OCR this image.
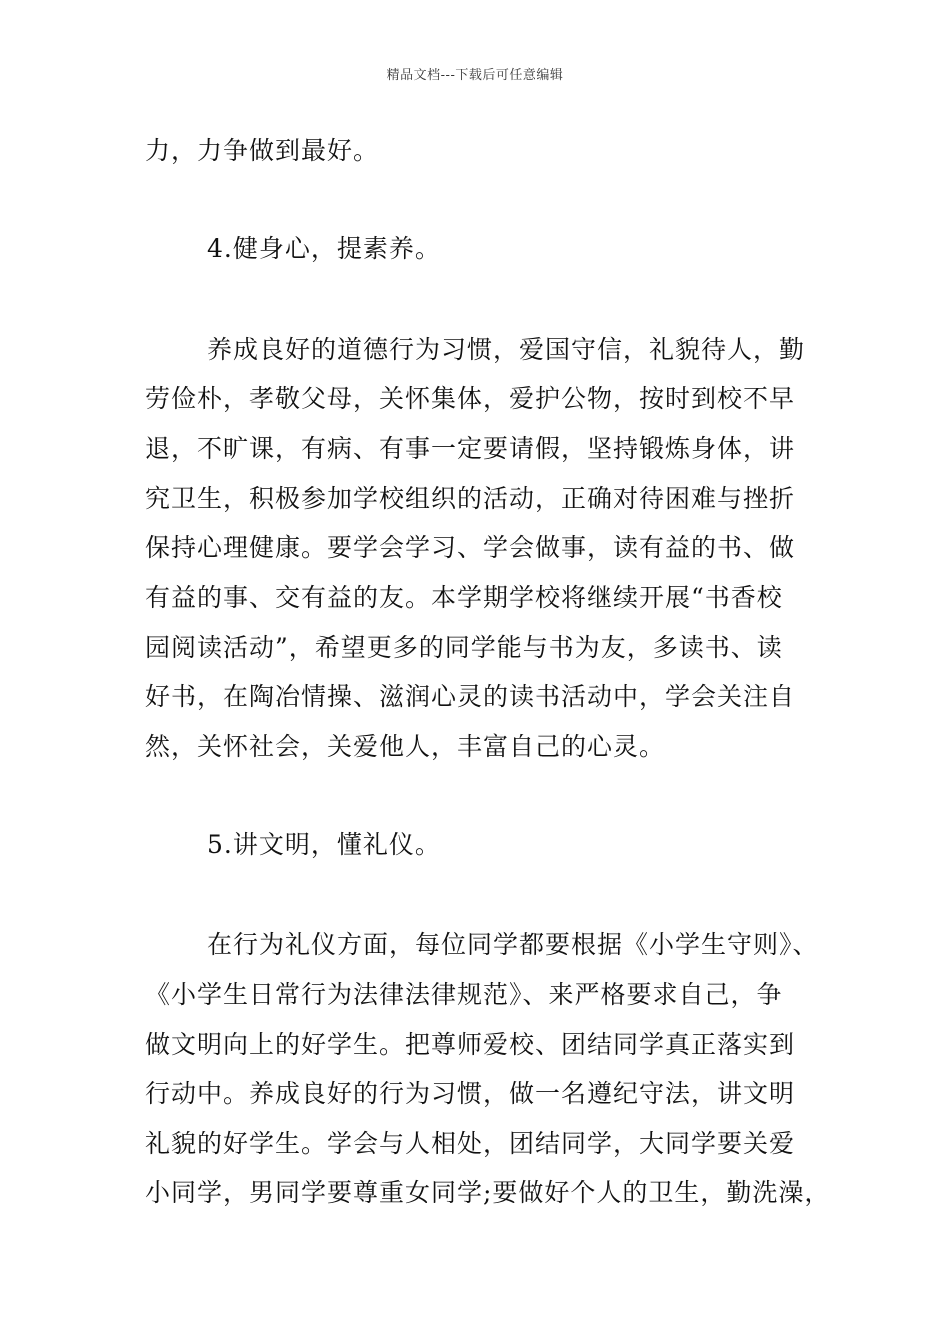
精品文档---下载后可任意编辑
力，力争做到最好。
4.健身心，提素养。
养成良好的道德行为习惯，爱国守信，礼貌待人，勤
劳俭朴，孝敬父母，关怀集体，爱护公物，按时到校不早
退，不旷课，有病、有事一定要请假，坚持锻炼身体，讲
究卫生，积极参加学校组织的活动，正确对待困难与挫折
保持心理健康。要学会学习、学会做事，读有益的书、做
有益的事、交有益的友。本学期学校将继续开展“书香校
园阅读活动”，希望更多的同学能与书为友，多读书、读
好书，在陶冶情操、滋润心灵的读书活动中，学会关注自
然，关怀社会，关爱他人，丰富自己的心灵。
5.讲文明，懂礼仪。
在行为礼仪方面，每位同学都要根据《小学生守则》、
《小学生日常行为法律法律规范》、来严格要求自己，争
做文明向上的好学生。把尊师爱校、团结同学真正落实到
行动中。养成良好的行为习惯，做一名遵纪守法，讲文明
礼貌的好学生。学会与人相处，团结同学，大同学要关爱
小同学，男同学要尊重女同学;要做好个人的卫生，勤洗澡，
